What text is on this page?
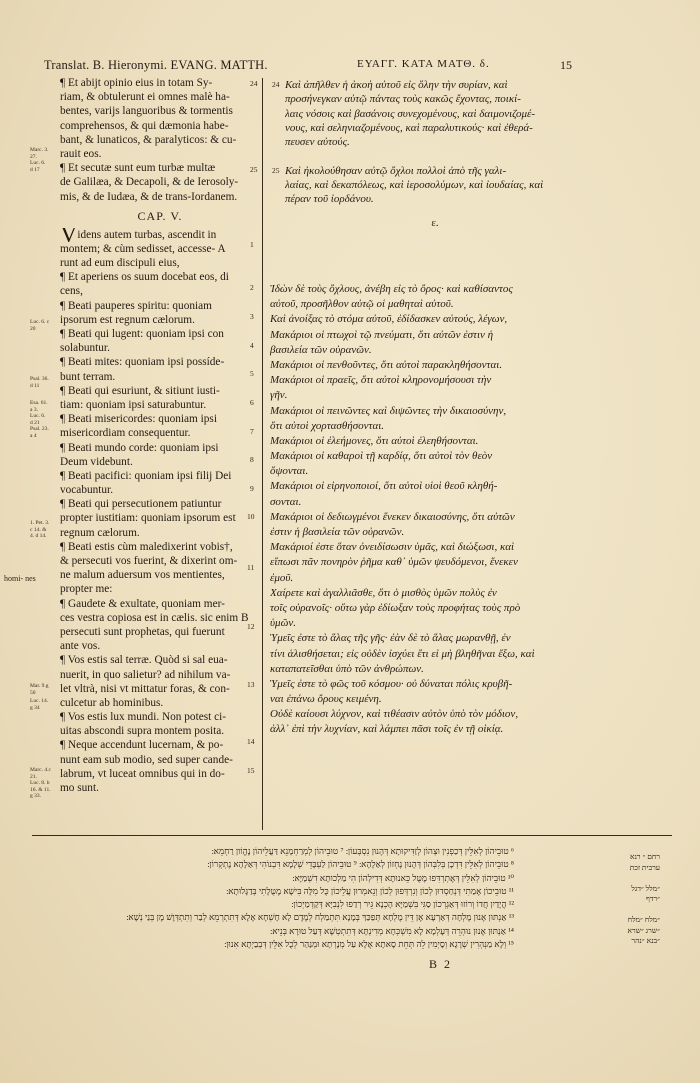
Translat. B. Hieronymi. EVANG. MATTH.	ΕΥΑΓΓ. ΚΑΤΑ ΜΑΤΘ. δ.	15
¶ Et abijt opinio eius in totam Sy-
riam, & obtulerunt ei omnes malè ha-
bentes, varijs languoribus & tormentis
comprehensos, & qui dæmonia habe-
bant, & lunaticos, & paralyticos: & cu-
rauit eos.
¶ Et secutæ sunt eum turbæ multæ
de Galilæa, & Decapoli, & de Ierosoly-
mis, & de Iudæa, & de trans-Iordanem.
CAP. V.
Videns autem turbas, ascendit in
montem; & cùm sedisset, accesse- A
runt ad eum discipuli eius,
¶ Et aperiens os suum docebat eos, di
cens,
¶ Beati pauperes spiritu: quoniam
ipsorum est regnum cælorum.
¶ Beati qui lugent: quoniam ipsi con
solabuntur.
¶ Beati mites: quoniam ipsi possíde-
bunt terram.
¶ Beati qui esuriunt, & sitiunt iusti-
tiam: quoniam ipsi saturabuntur.
¶ Beati misericordes: quoniam ipsi
misericordiam consequentur.
¶ Beati mundo corde: quoniam ipsi
Deum videbunt.
¶ Beati pacifici: quoniam ipsi filij Dei
vocabuntur.
¶ Beati qui persecutionem patiuntur
propter iustitiam: quoniam ipsorum est
regnum cælorum.
¶ Beati estis cùm maledixerint vobis†,
& persecuti vos fuerint, & dixerint om-
ne malum aduersum vos mentientes,
propter me:
¶ Gaudete & exultate, quoniam mer-
ces vestra copiosa est in cælis. sic enim B
persecuti sunt prophetas, qui fuerunt
ante vos.
¶ Vos estis sal terræ. Quòd si sal eua-
nuerit, in quo salietur? ad nihilum va-
let vltrà, nisi vt mittatur foras, & con-
culcetur ab hominibus.
¶ Vos estis lux mundi. Non potest ci-
uitas abscondi supra montem posita.
¶ Neque accendunt lucernam, & po-
nunt eam sub modio, sed super cande-
labrum, vt luceat omnibus qui in do-
mo sunt.
Marc. 3.
27.
Luc. 6.
d 17
Luc. 6. c
20
Psal. 36.
d 11
Esa. 61.
a 3.
Luc. 6.
d 21
Psal. 23.
a 4
1. Pet. 3.
c 14. &
4. d 14.
homi- nes
Mar. 9.g
50
Luc. 14.
g 34
Marc. 4.c
21.
Luc. 8. b
16. & 11.
g 33.
24
25
1
2
3
4
5
6
7
8
9
10
11
12
13
14
15
Καὶ ἀπῆλθεν ἡ ἀκοὴ αὐτοῦ εἰς ὅλην τὴν συρίαν, καὶ
προσήνεγκαν αὐτῷ πάντας τοὺς κακῶς ἔχοντας, ποικί-
λαις νόσοις καὶ βασάνοις συνεχομένους, καὶ δαιμονιζομέ-
νους, καὶ σεληνιαζομένους, καὶ παραλυτικούς· καὶ ἐθερά-
πευσεν αὐτούς.
Καὶ ἠκολούθησαν αὐτῷ ὄχλοι πολλοὶ ἀπὸ τῆς γαλι-
λαίας, καὶ δεκαπόλεως, καὶ ἱεροσολύμων, καὶ ἰουδαίας, καὶ
πέραν τοῦ ἰορδάνου.
ε.
24
25
Ἰδὼν δὲ τοὺς ὄχλους, ἀνέβη εἰς τὸ ὄρος· καὶ καθίσαντος
αὐτοῦ, προσῆλθον αὐτῷ οἱ μαθηταὶ αὐτοῦ.
Καὶ ἀνοίξας τὸ στόμα αὐτοῦ, ἐδίδασκεν αὐτούς, λέγων,
Μακάριοι οἱ πτωχοὶ τῷ πνεύματι, ὅτι αὐτῶν ἐστιν ἡ
βασιλεία τῶν οὐρανῶν.
Μακάριοι οἱ πενθοῦντες, ὅτι αὐτοὶ παρακληθήσονται.
Μακάριοι οἱ πραεῖς, ὅτι αὐτοὶ κληρονομήσουσι τὴν
γῆν.
Μακάριοι οἱ πεινῶντες καὶ διψῶντες τὴν δικαιοσύνην,
ὅτι αὐτοὶ χορτασθήσονται.
Μακάριοι οἱ ἐλεήμονες, ὅτι αὐτοὶ ἐλεηθήσονται.
Μακάριοι οἱ καθαροὶ τῇ καρδίᾳ, ὅτι αὐτοὶ τὸν θεὸν
ὄψονται.
Μακάριοι οἱ εἰρηνοποιοί, ὅτι αὐτοὶ υἱοὶ θεοῦ κληθή-
σονται.
Μακάριοι οἱ δεδιωγμένοι ἕνεκεν δικαιοσύνης, ὅτι αὐτῶν
ἐστιν ἡ βασιλεία τῶν οὐρανῶν.
Μακάριοί ἐστε ὅταν ὀνειδίσωσιν ὑμᾶς, καὶ διώξωσι, καὶ
εἴπωσι πᾶν πονηρὸν ῥῆμα καθ᾿ ὑμῶν ψευδόμενοι, ἕνεκεν
ἐμοῦ.
Χαίρετε καὶ ἀγαλλιᾶσθε, ὅτι ὁ μισθὸς ὑμῶν πολὺς ἐν
τοῖς οὐρανοῖς· οὕτω γὰρ ἐδίωξαν τοὺς προφήτας τοὺς πρὸ
ὑμῶν.
Ὑμεῖς ἐστε τὸ ἅλας τῆς γῆς· ἐὰν δὲ τὸ ἅλας μωρανθῇ, ἐν
τίνι ἁλισθήσεται; εἰς οὐδὲν ἰσχύει ἔτι εἰ μὴ βληθῆναι ἔξω, καὶ
καταπατεῖσθαι ὑπὸ τῶν ἀνθρώπων.
Ὑμεῖς ἐστε τὸ φῶς τοῦ κόσμου· οὐ δύναται πόλις κρυβῆ-
ναι ἐπάνω ὄρους κειμένη.
Οὐδὲ καίουσι λύχνον, καὶ τιθέασιν αὐτὸν ὑπὸ τὸν μόδιον,
ἀλλ᾿ ἐπὶ τὴν λυχνίαν, καὶ λάμπει πᾶσι τοῖς ἐν τῇ οἰκίᾳ.
⁶ טוּבֵיהוֹן לְאִלֵּין דְּכַפְנִין וּצְהוֹן לְזַדִּיקוּתָא דְּהֶנוּן נִסְבְּעוֹן ׃ ⁷ טוּבֵיהוֹן לְמְרַחְמָנֵא דַּעֲלֵיהוֹן נֶהֱוֹון רַחְמֵא ׃
⁸ טוּבֵיהוֹן לְאִלֵּין דִּדְכָן בְּלִבְּהוֹן דְּהֶנוּן נֶחְזוֹן לְאַלָהָא ׃ ⁹ טוּבֵיהוֹן לַעְבָּדֵי שְׁלָמָא דִּבְנוֹהִי דְּאַלָהָא נֶתְקְרוֹן ׃
¹⁰ טוּבֵיהוֹן לְאִלֵּין דְּאֶתְרְדִּפוּ מֶטֻּל כֵּאנוּתָא דְּדִילְהוֹן הִי מַלְכוּתָא דִשְׁמַיָּא ׃
¹¹ טוּבֵיכוֹן אֶמַתִי דְּנְחַסְדוּן לְכוֹן וְנִרְדְּפוּן לְכוֹן וְנֵאמְרוּן עֲלֵיכוֹן כֻּל מִלָּה בִּישָׁא מֶטֻּלָתִי בְּדַגָּלוּתָא ׃
¹² הֲיָדַיִן חֲדוֹ וְרוֹזוּ דְּאַגְרְכוֹן סַגִּי בִּשְׁמַיָּא הָכְנָא גֵּיר רְדַפוּ לִנְבִיָּא דְּקַדְמַיְכוֹן ׃
¹³ אַנְתּוּן אֶנוּן מֶלְחָה דְּאַרְעָא אֶן דֵּין מֶלְחָא תְּפַכַּךְ בְּמָנָא תִּתְמַלְח לְמֶדֶם לָא חָשְׁחָא אֶלָא דְּתִתְרְמֵא לְבַר וְתִתְדְּוָשׁ מֶן בְּנַי נְשָׁא ׃
¹⁴ אַנְתּוּן אֶנוּן נוּהְרֵה דְּעָלְמָא לָא מִשְׁכְּחָא מְדִינְתָּא דְּתִתְטְשָׁא דְּעַל טוּרָא בְּנֵיא ׃
¹⁵ וְלָא מַנְהְרִין שְׁרָגָא וְסָיְמִין לֵה תְּחֵת סָאתָא אֶלָא עַל מְנָרְתָא וּמְנַהַר לְכֻל אִלֵּין דְּבְבַיְתָא אִנוּן ׃
רחם ״ רנא
ערבית זכת
״מלל ״דגל
״רדף
״מלח ״מלח
״שרג ״שרא
״בנא ״נהר
B 2
